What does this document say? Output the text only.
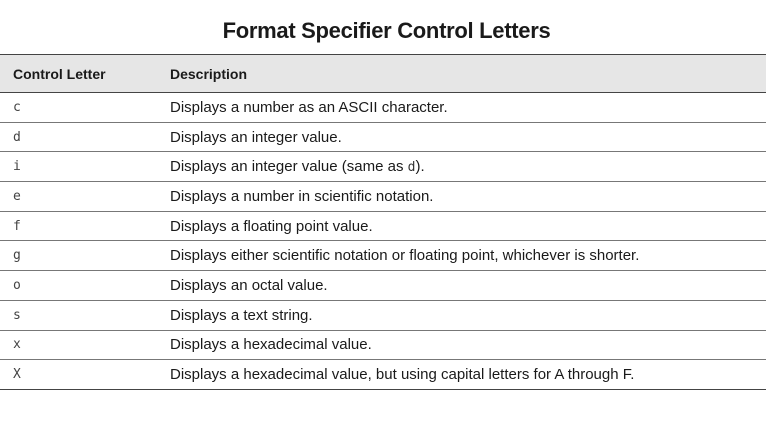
Format Specifier Control Letters
Control Letter	Description
c	Displays a number as an ASCII character.
d	Displays an integer value.
i	Displays an integer value (same as d).
e	Displays a number in scientific notation.
f	Displays a floating point value.
g	Displays either scientific notation or floating point, whichever is shorter.
o	Displays an octal value.
s	Displays a text string.
x	Displays a hexadecimal value.
X	Displays a hexadecimal value, but using capital letters for A through F.
